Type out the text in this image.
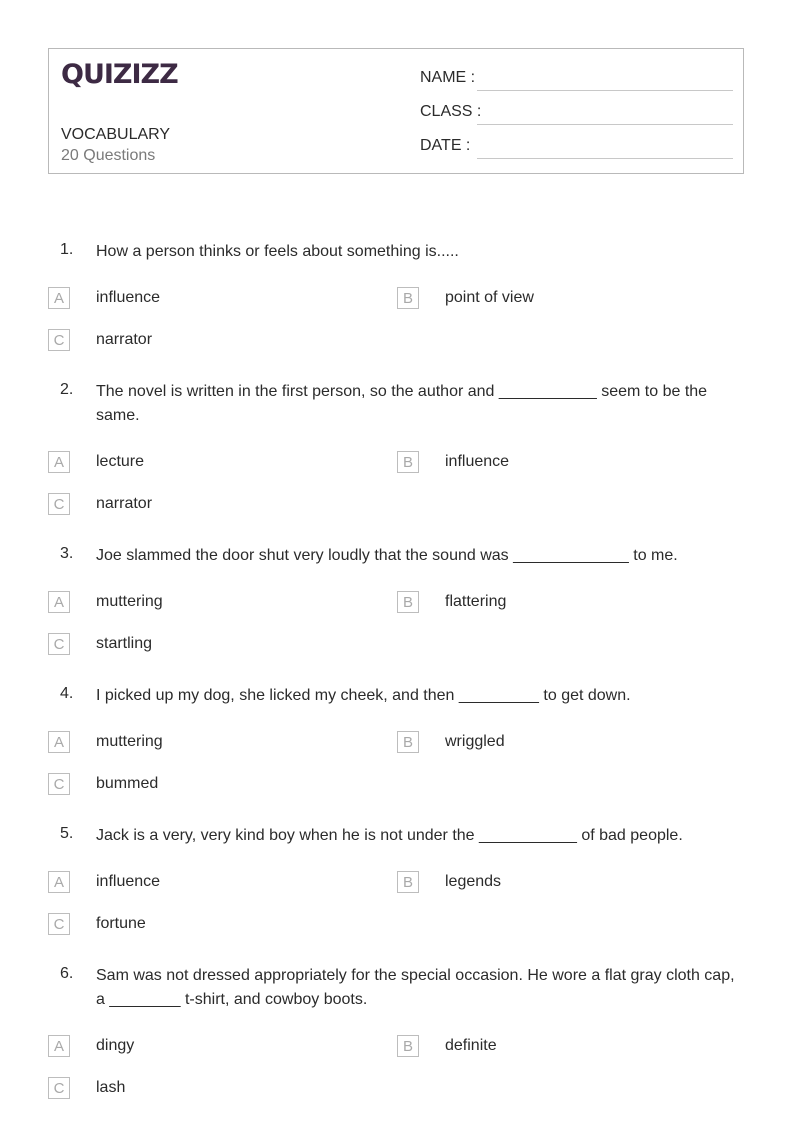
QUIZIZZ
VOCABULARY
20 Questions
NAME :
CLASS :
DATE :
1. How a person thinks or feels about something is.....
A	influence	B	point of view
C	narrator
2. The novel is written in the first person, so the author and ___________ seem to be the same.
A	lecture	B	influence
C	narrator
3. Joe slammed the door shut very loudly that the sound was _____________ to me.
A	muttering	B	flattering
C	startling
4. I picked up my dog, she licked my cheek, and then _________ to get down.
A	muttering	B	wriggled
C	bummed
5. Jack is a very, very kind boy when he is not under the ___________ of bad people.
A	influence	B	legends
C	fortune
6. Sam was not dressed appropriately for the special occasion. He wore a flat gray cloth cap, a ________ t-shirt, and cowboy boots.
A	dingy	B	definite
C	lash
